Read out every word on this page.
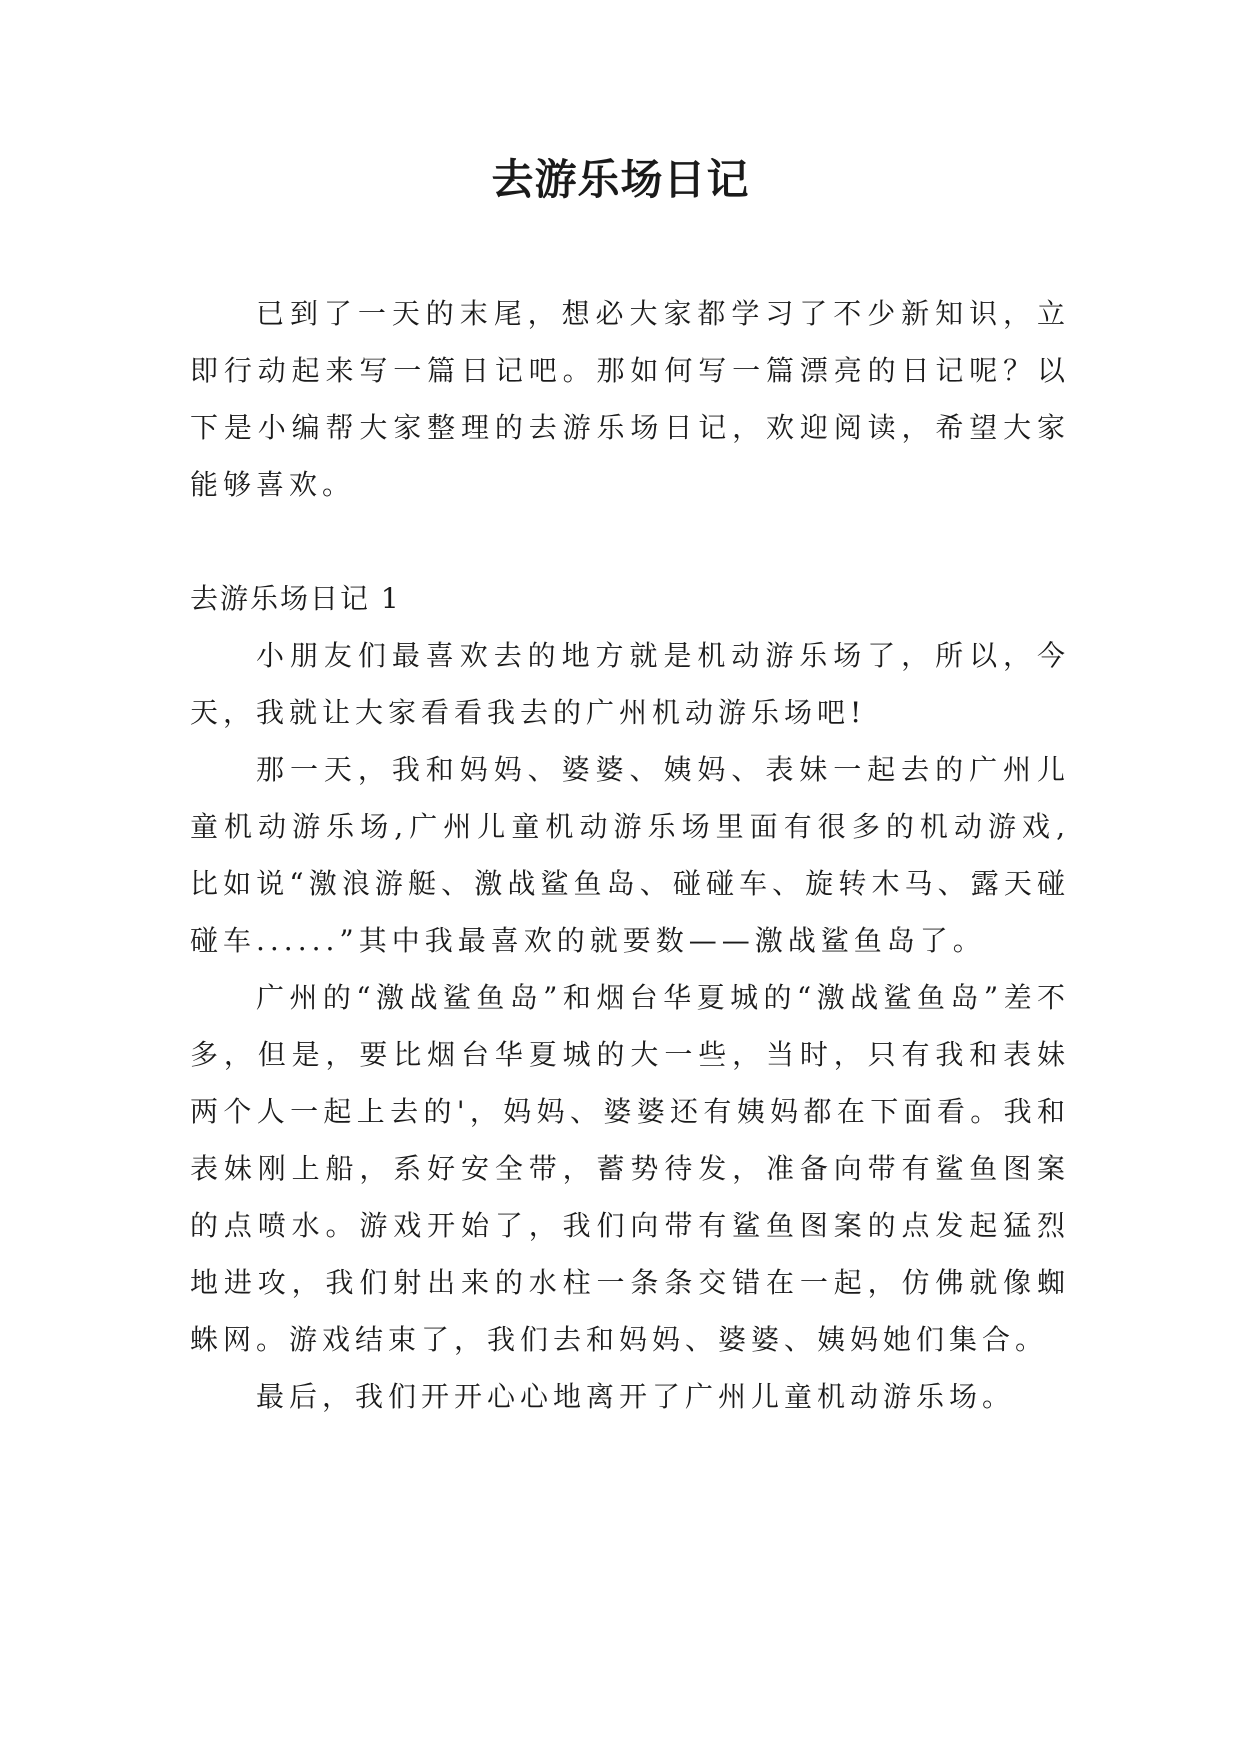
去游乐场日记

已到了一天的末尾，想必大家都学习了不少新知识，立即行动起来写一篇日记吧。那如何写一篇漂亮的日记呢？以下是小编帮大家整理的去游乐场日记，欢迎阅读，希望大家能够喜欢。

去游乐场日记 1

小朋友们最喜欢去的地方就是机动游乐场了，所以，今天，我就让大家看看我去的广州机动游乐场吧!

那一天，我和妈妈、婆婆、姨妈、表妹一起去的广州儿童机动游乐场,广州儿童机动游乐场里面有很多的机动游戏,比如说“激浪游艇、激战鲨鱼岛、碰碰车、旋转木马、露天碰碰车......”其中我最喜欢的就要数——激战鲨鱼岛了。

广州的“激战鲨鱼岛”和烟台华夏城的“激战鲨鱼岛”差不多，但是，要比烟台华夏城的大一些，当时，只有我和表妹两个人一起上去的'，妈妈、婆婆还有姨妈都在下面看。我和表妹刚上船，系好安全带，蓄势待发，准备向带有鲨鱼图案的点喷水。游戏开始了，我们向带有鲨鱼图案的点发起猛烈地进攻，我们射出来的水柱一条条交错在一起，仿佛就像蜘蛛网。游戏结束了，我们去和妈妈、婆婆、姨妈她们集合。

最后，我们开开心心地离开了广州儿童机动游乐场。
